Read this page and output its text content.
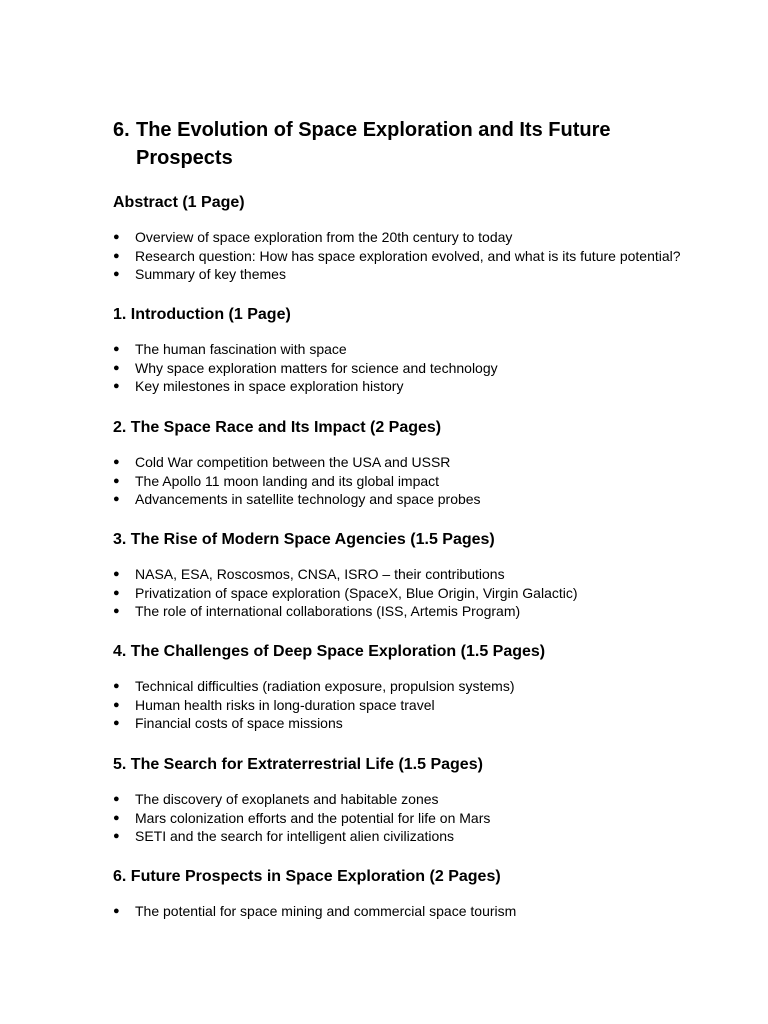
6. The Evolution of Space Exploration and Its Future
Prospects
Abstract (1 Page)
● Overview of space exploration from the 20th century to today
● Research question: How has space exploration evolved, and what is its future potential?
● Summary of key themes
1. Introduction (1 Page)
● The human fascination with space
● Why space exploration matters for science and technology
● Key milestones in space exploration history
2. The Space Race and Its Impact (2 Pages)
● Cold War competition between the USA and USSR
● The Apollo 11 moon landing and its global impact
● Advancements in satellite technology and space probes
3. The Rise of Modern Space Agencies (1.5 Pages)
● NASA, ESA, Roscosmos, CNSA, ISRO – their contributions
● Privatization of space exploration (SpaceX, Blue Origin, Virgin Galactic)
● The role of international collaborations (ISS, Artemis Program)
4. The Challenges of Deep Space Exploration (1.5 Pages)
● Technical difficulties (radiation exposure, propulsion systems)
● Human health risks in long-duration space travel
● Financial costs of space missions
5. The Search for Extraterrestrial Life (1.5 Pages)
● The discovery of exoplanets and habitable zones
● Mars colonization efforts and the potential for life on Mars
● SETI and the search for intelligent alien civilizations
6. Future Prospects in Space Exploration (2 Pages)
● The potential for space mining and commercial space tourism
